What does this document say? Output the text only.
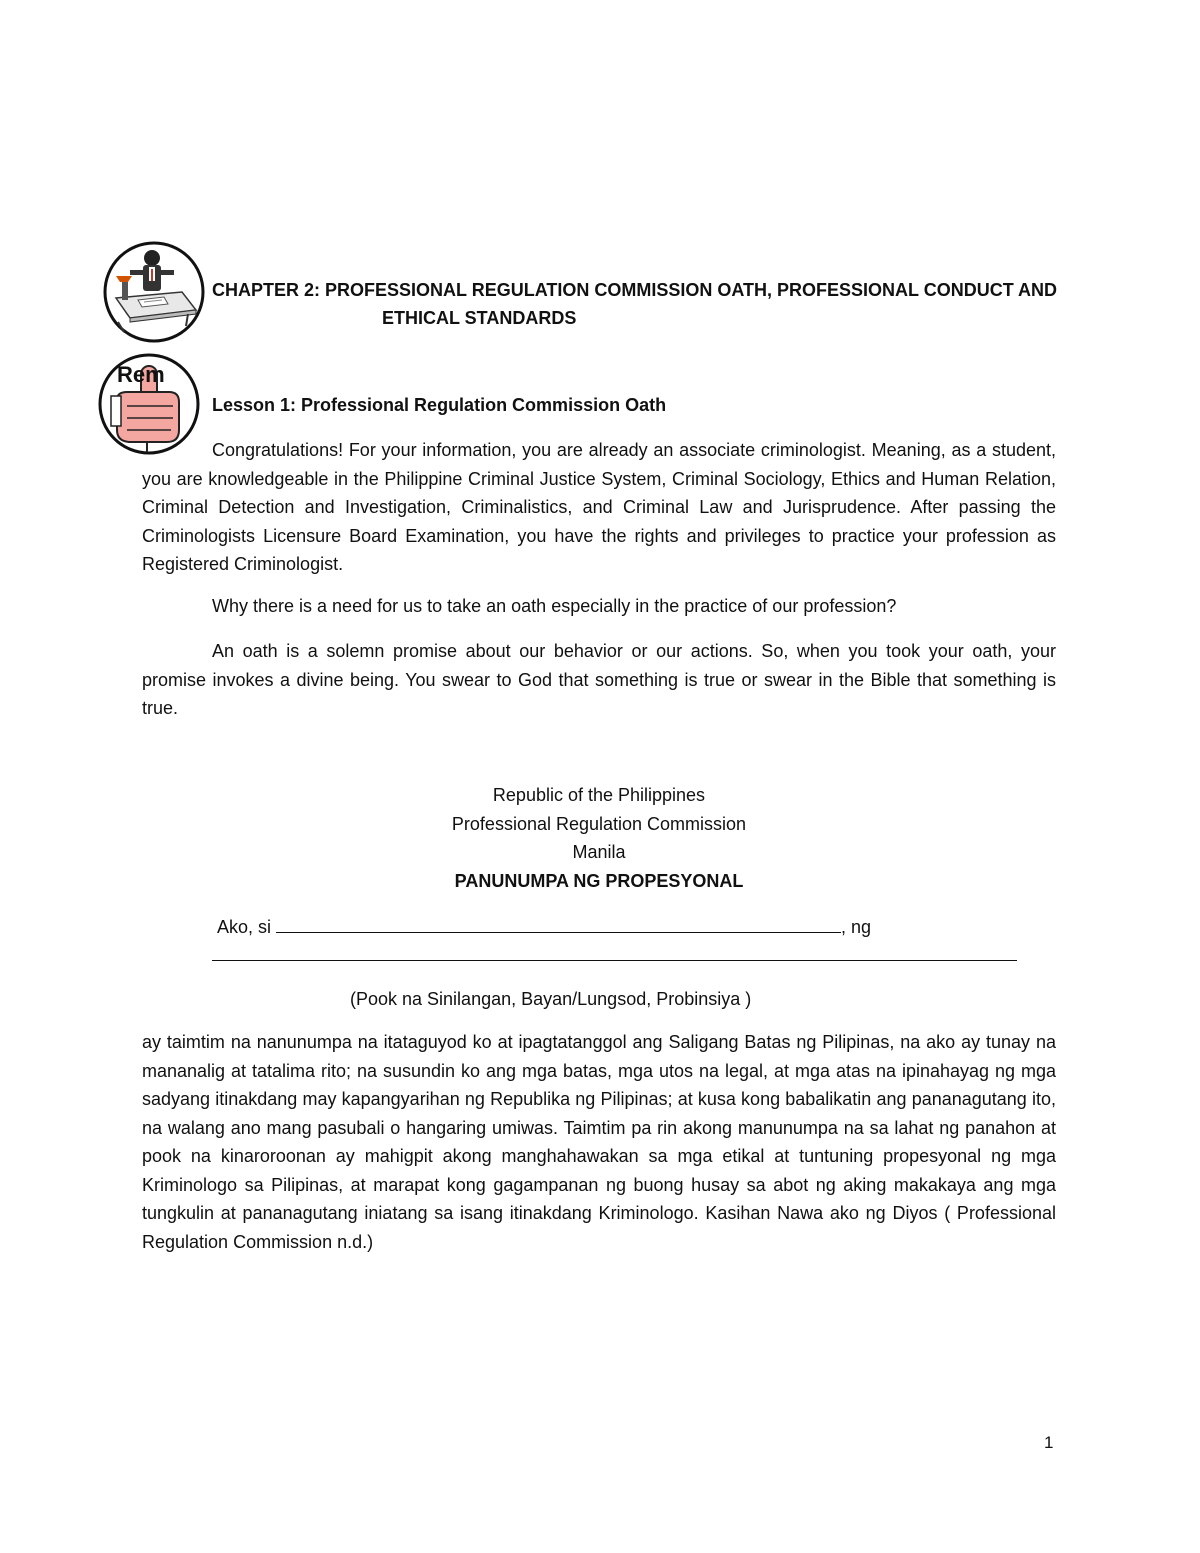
Rem
CHAPTER 2: PROFESSIONAL REGULATION COMMISSION OATH, PROFESSIONAL CONDUCT AND
ETHICAL STANDARDS
Lesson 1: Professional Regulation Commission Oath
Congratulations! For your information, you are already an associate criminologist. Meaning, as a student, you are knowledgeable in the Philippine Criminal Justice System, Criminal Sociology, Ethics and Human Relation, Criminal Detection and Investigation, Criminalistics, and Criminal Law and Jurisprudence. After passing the Criminologists Licensure Board Examination, you have the rights and privileges to practice your profession as Registered Criminologist.
Why there is a need for us to take an oath especially in the practice of our profession?
An oath is a solemn promise about our behavior or our actions. So, when you took your oath, your promise invokes a divine being. You swear to God that something is true or swear in the Bible that something is true.
Republic of the Philippines
Professional Regulation Commission
Manila
PANUNUMPA NG PROPESYONAL
Ako, si	, ng
(Pook na Sinilangan, Bayan/Lungsod, Probinsiya )
ay taimtim na nanunumpa na itataguyod ko at ipagtatanggol ang Saligang Batas ng Pilipinas, na ako ay tunay na mananalig at tatalima rito; na susundin ko ang mga batas, mga utos na legal, at mga atas na ipinahayag ng mga sadyang itinakdang may kapangyarihan ng Republika ng Pilipinas; at kusa kong babalikatin ang pananagutang ito, na walang ano mang pasubali o hangaring umiwas. Taimtim pa rin akong manunumpa na sa lahat ng panahon at pook na kinaroroonan ay mahigpit akong manghahawakan sa mga etikal at tuntuning propesyonal ng mga Kriminologo sa Pilipinas, at marapat kong gagampanan ng buong husay sa abot ng aking makakaya ang mga tungkulin at pananagutang iniatang sa isang itinakdang Kriminologo. Kasihan Nawa ako ng Diyos ( Professional Regulation Commission n.d.)
1
